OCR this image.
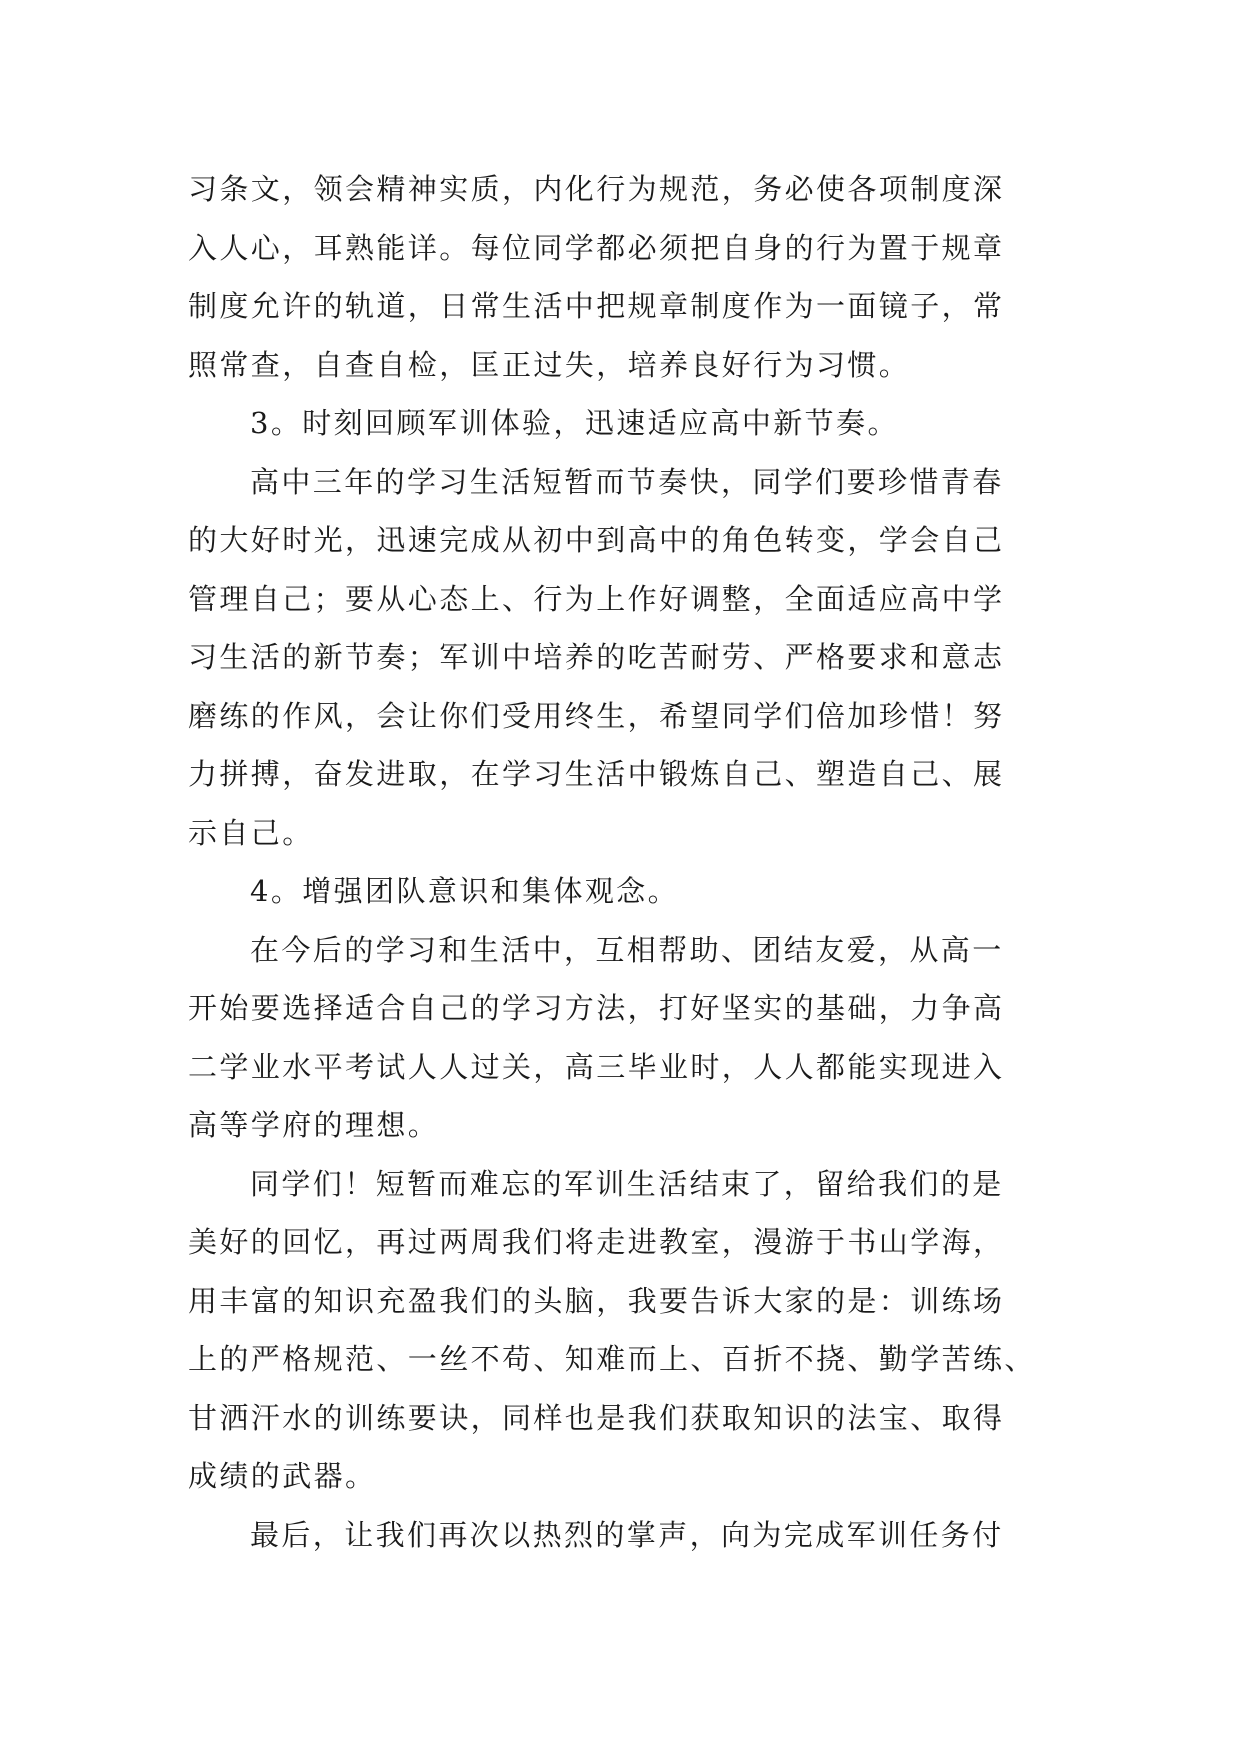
习条文，领会精神实质，内化行为规范，务必使各项制度深
入人心，耳熟能详。每位同学都必须把自身的行为置于规章
制度允许的轨道，日常生活中把规章制度作为一面镜子，常
照常查，自查自检，匡正过失，培养良好行为习惯。
3。时刻回顾军训体验，迅速适应高中新节奏。
高中三年的学习生活短暂而节奏快，同学们要珍惜青春
的大好时光，迅速完成从初中到高中的角色转变，学会自己
管理自己；要从心态上、行为上作好调整，全面适应高中学
习生活的新节奏；军训中培养的吃苦耐劳、严格要求和意志
磨练的作风，会让你们受用终生，希望同学们倍加珍惜！努
力拼搏，奋发进取，在学习生活中锻炼自己、塑造自己、展
示自己。
4。增强团队意识和集体观念。
在今后的学习和生活中，互相帮助、团结友爱，从高一
开始要选择适合自己的学习方法，打好坚实的基础，力争高
二学业水平考试人人过关，高三毕业时，人人都能实现进入
高等学府的理想。
同学们！短暂而难忘的军训生活结束了，留给我们的是
美好的回忆，再过两周我们将走进教室，漫游于书山学海，
用丰富的知识充盈我们的头脑，我要告诉大家的是：训练场
上的严格规范、一丝不苟、知难而上、百折不挠、勤学苦练、
甘洒汗水的训练要诀，同样也是我们获取知识的法宝、取得
成绩的武器。
最后，让我们再次以热烈的掌声，向为完成军训任务付
